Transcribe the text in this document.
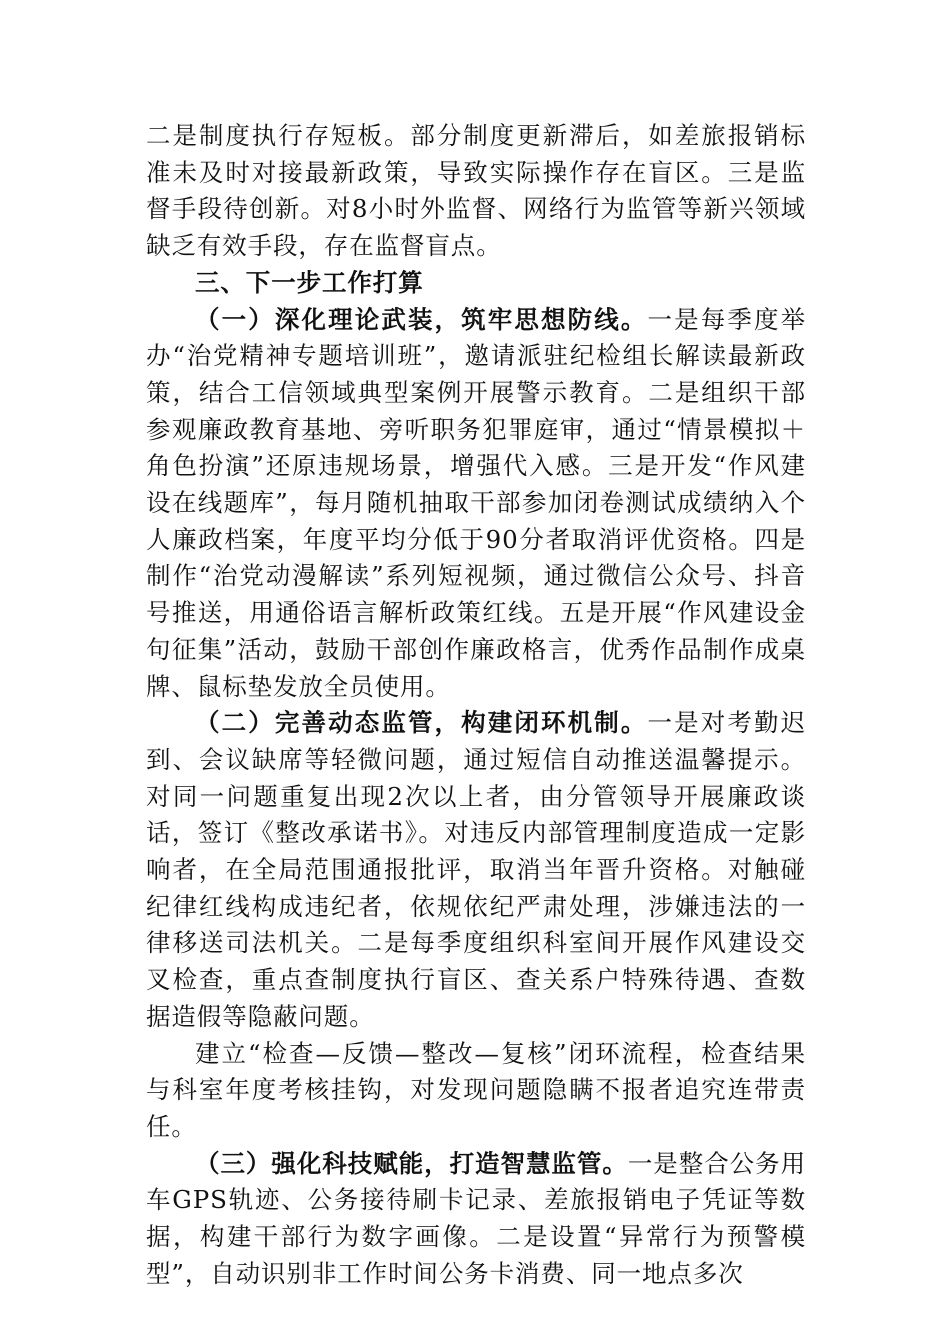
二是制度执行存短板。部分制度更新滞后，如差旅报销标准未及时对接最新政策，导致实际操作存在盲区。三是监督手段待创新。对8小时外监督、网络行为监管等新兴领域缺乏有效手段，存在监督盲点。

三、下一步工作打算

（一）深化理论武装，筑牢思想防线。一是每季度举办“治党精神专题培训班”，邀请派驻纪检组长解读最新政策，结合工信领域典型案例开展警示教育。二是组织干部参观廉政教育基地、旁听职务犯罪庭审，通过“情景模拟＋角色扮演”还原违规场景，增强代入感。三是开发“作风建设在线题库”，每月随机抽取干部参加闭卷测试成绩纳入个人廉政档案，年度平均分低于90分者取消评优资格。四是制作“治党动漫解读”系列短视频，通过微信公众号、抖音号推送，用通俗语言解析政策红线。五是开展“作风建设金句征集”活动，鼓励干部创作廉政格言，优秀作品制作成桌牌、鼠标垫发放全员使用。

（二）完善动态监管，构建闭环机制。一是对考勤迟到、会议缺席等轻微问题，通过短信自动推送温馨提示。对同一问题重复出现2次以上者，由分管领导开展廉政谈话，签订《整改承诺书》。对违反内部管理制度造成一定影响者，在全局范围通报批评，取消当年晋升资格。对触碰纪律红线构成违纪者，依规依纪严肃处理，涉嫌违法的一律移送司法机关。二是每季度组织科室间开展作风建设交叉检查，重点查制度执行盲区、查关系户特殊待遇、查数据造假等隐蔽问题。

建立“检查—反馈—整改—复核”闭环流程，检查结果与科室年度考核挂钩，对发现问题隐瞒不报者追究连带责任。

（三）强化科技赋能，打造智慧监管。一是整合公务用车GPS轨迹、公务接待刷卡记录、差旅报销电子凭证等数据，构建干部行为数字画像。二是设置“异常行为预警模型”，自动识别非工作时间公务卡消费、同一地点多次
